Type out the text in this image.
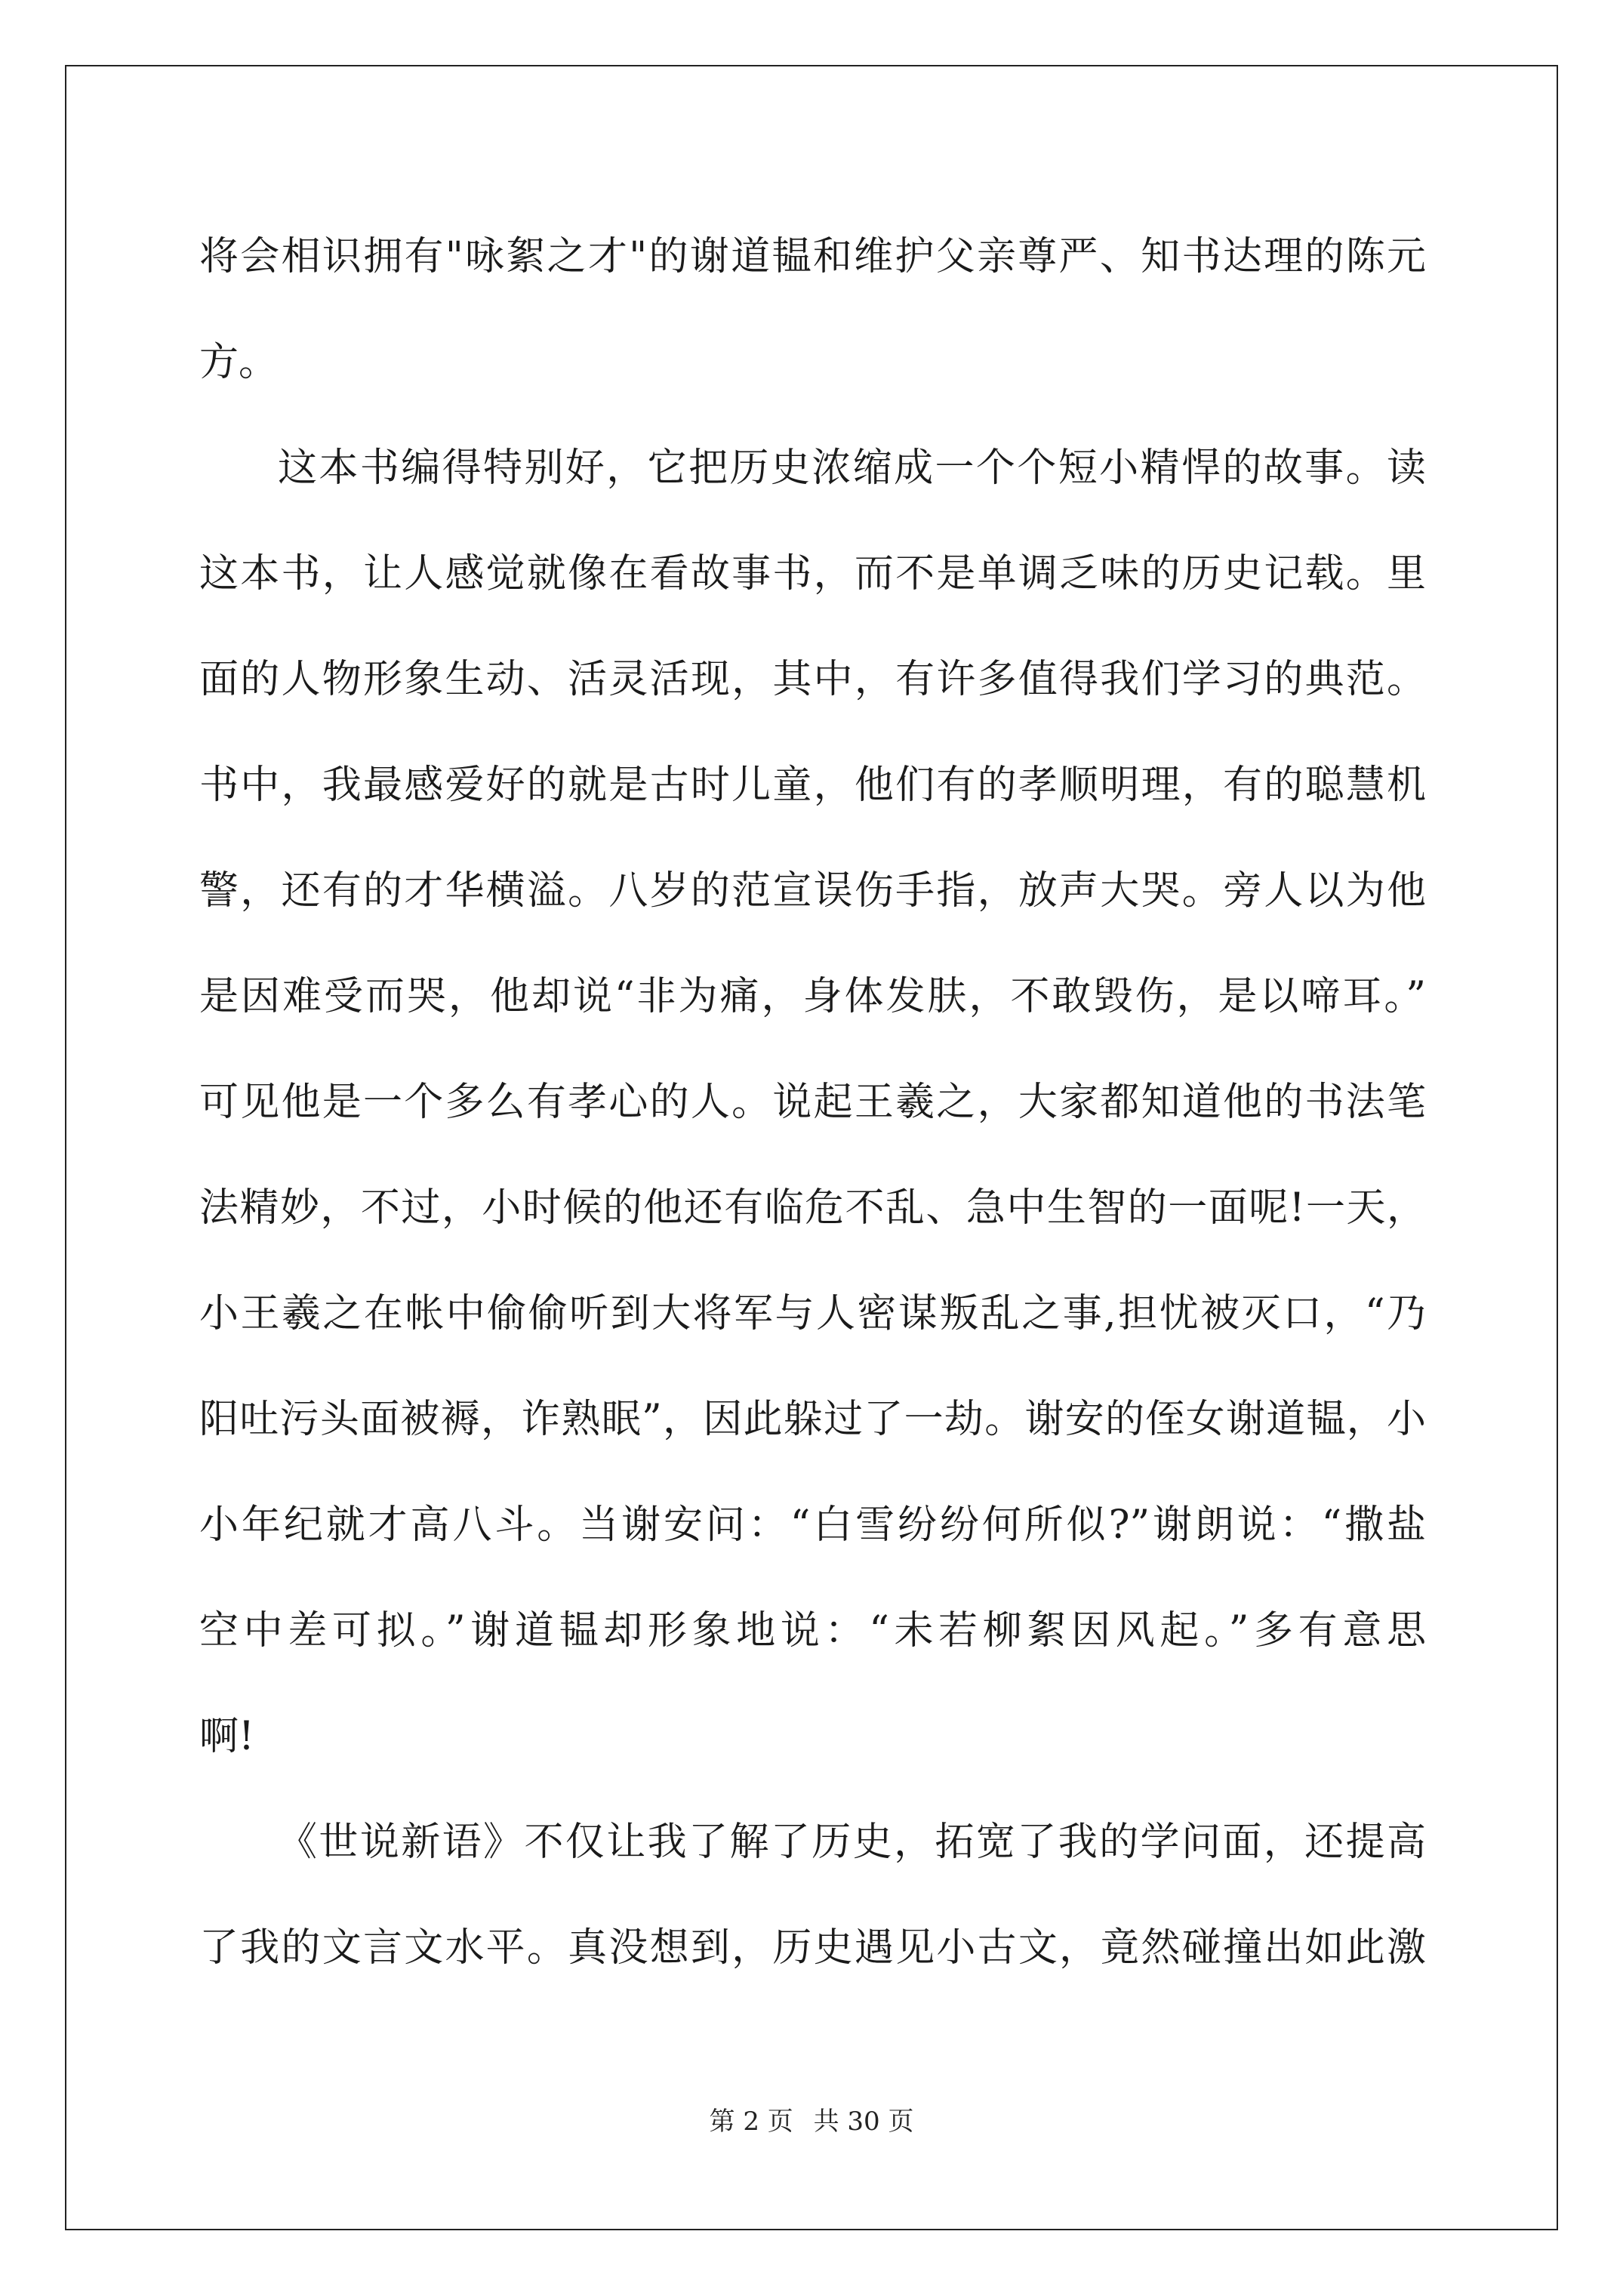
将会相识拥有"咏絮之才"的谢道韫和维护父亲尊严、知书达理的陈元
方。
这本书编得特别好，它把历史浓缩成一个个短小精悍的故事。读
这本书，让人感觉就像在看故事书，而不是单调乏味的历史记载。里
面的人物形象生动、活灵活现，其中，有许多值得我们学习的典范。
书中，我最感爱好的就是古时儿童，他们有的孝顺明理，有的聪慧机
警，还有的才华横溢。八岁的范宣误伤手指，放声大哭。旁人以为他
是因难受而哭，他却说“非为痛，身体发肤，不敢毁伤，是以啼耳。”
可见他是一个多么有孝心的人。说起王羲之，大家都知道他的书法笔
法精妙，不过，小时候的他还有临危不乱、急中生智的一面呢!一天，
小王羲之在帐中偷偷听到大将军与人密谋叛乱之事,担忧被灭口，“乃
阳吐污头面被褥，诈熟眠”，因此躲过了一劫。谢安的侄女谢道韫，小
小年纪就才高八斗。当谢安问：“白雪纷纷何所似?”谢朗说：“撒盐
空中差可拟。”谢道韫却形象地说：“未若柳絮因风起。”多有意思
啊!
《世说新语》不仅让我了解了历史，拓宽了我的学问面，还提高
了我的文言文水平。真没想到，历史遇见小古文，竟然碰撞出如此激
第 2 页 共 30 页
